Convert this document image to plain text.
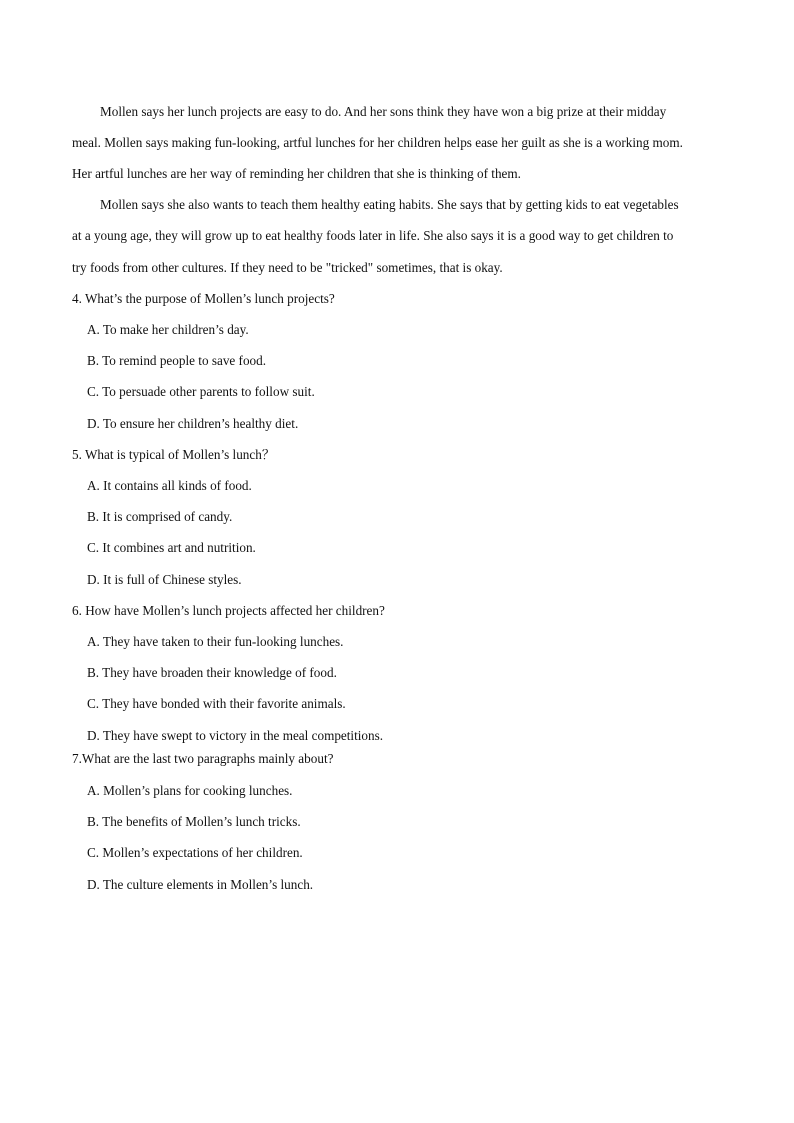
Mollen says her lunch projects are easy to do. And her sons think they have won a big prize at their midday
meal. Mollen says making fun-looking, artful lunches for her children helps ease her guilt as she is a working mom.
Her artful lunches are her way of reminding her children that she is thinking of them.
Mollen says she also wants to teach them healthy eating habits. She says that by getting kids to eat vegetables
at a young age, they will grow up to eat healthy foods later in life. She also says it is a good way to get children to
try foods from other cultures. If they need to be "tricked" sometimes, that is okay.
4. What’s the purpose of Mollen’s lunch projects?
A. To make her children’s day.
B. To remind people to save food.
C. To persuade other parents to follow suit.
D. To ensure her children’s healthy diet.
5. What is typical of Mollen’s lunch？
A. It contains all kinds of food.
B. It is comprised of candy.
C. It combines art and nutrition.
D. It is full of Chinese styles.
6. How have Mollen’s lunch projects affected her children?
A. They have taken to their fun-looking lunches.
B. They have broaden their knowledge of food.
C. They have bonded with their favorite animals.
D. They have swept to victory in the meal competitions.
7.What are the last two paragraphs mainly about?
A. Mollen’s plans for cooking lunches.
B. The benefits of Mollen’s lunch tricks.
C. Mollen’s expectations of her children.
D. The culture elements in Mollen’s lunch.
